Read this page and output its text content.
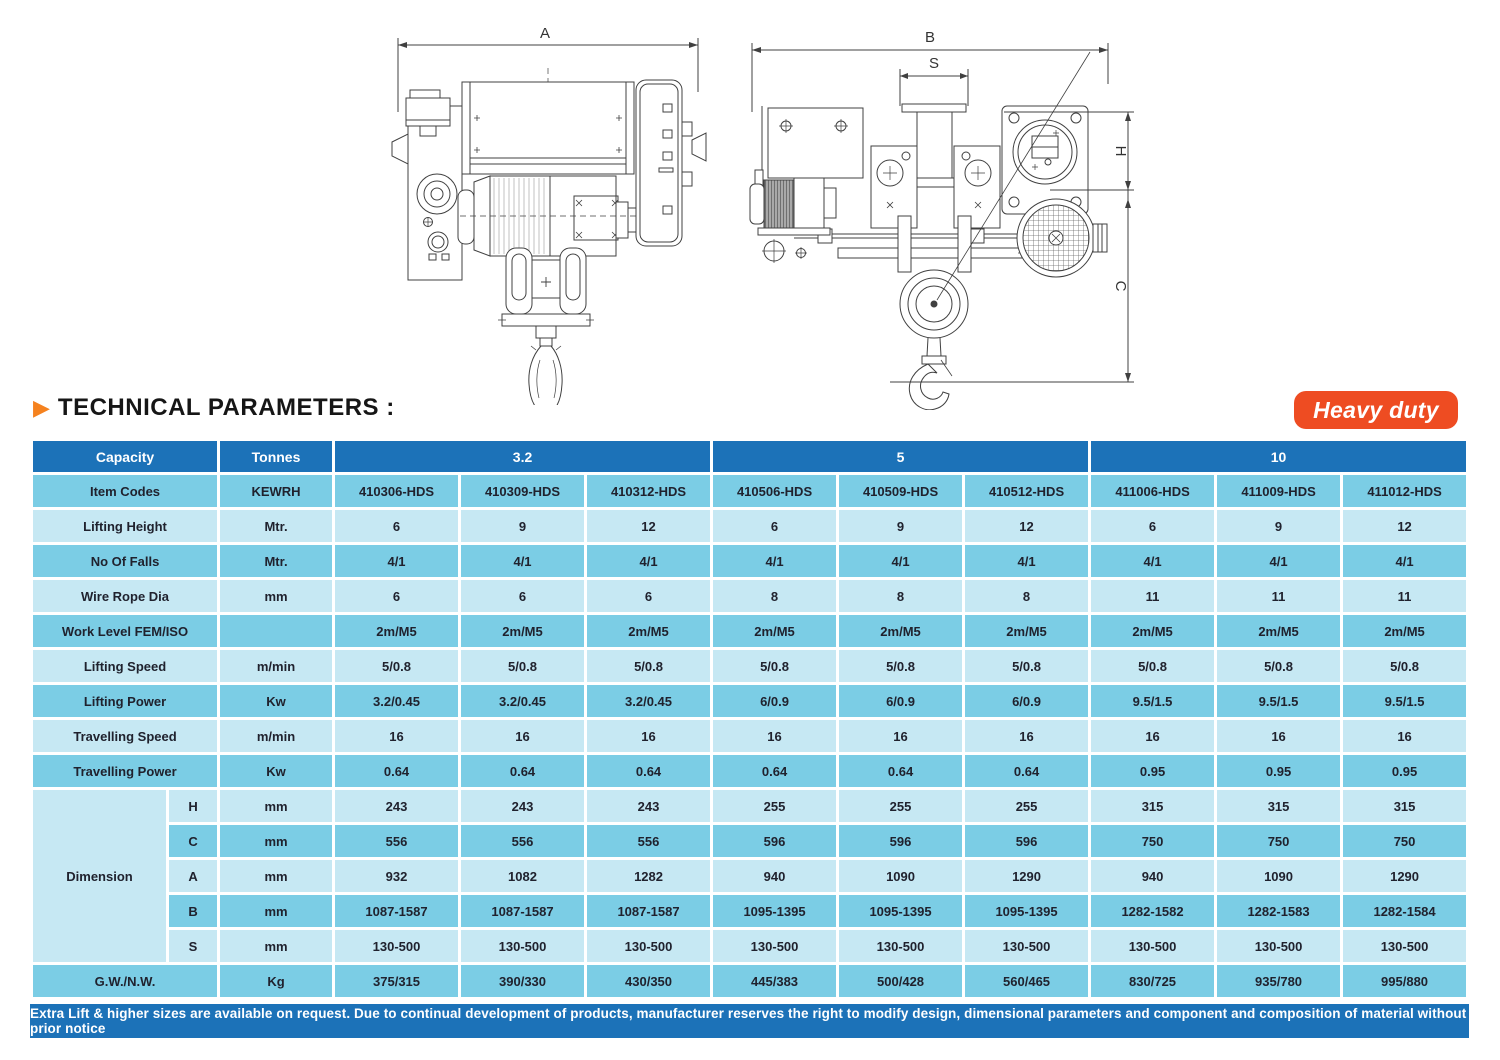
A	B
S
H
C
▶ TECHNICAL PARAMETERS :	Heavy duty
Capacity		Tonnes	3.2			5			10		
Item Codes		KEWRH	410306-HDS	410309-HDS	410312-HDS	410506-HDS	410509-HDS	410512-HDS	411006-HDS	411009-HDS	411012-HDS
Lifting Height		Mtr.	6	9	12	6	9	12	6	9	12
No Of Falls		Mtr.	4/1	4/1	4/1	4/1	4/1	4/1	4/1	4/1	4/1
Wire Rope Dia		mm	6	6	6	8	8	8	11	11	11
Work Level FEM/ISO			2m/M5	2m/M5	2m/M5	2m/M5	2m/M5	2m/M5	2m/M5	2m/M5	2m/M5
Lifting Speed		m/min	5/0.8	5/0.8	5/0.8	5/0.8	5/0.8	5/0.8	5/0.8	5/0.8	5/0.8
Lifting Power		Kw	3.2/0.45	3.2/0.45	3.2/0.45	6/0.9	6/0.9	6/0.9	9.5/1.5	9.5/1.5	9.5/1.5
Travelling Speed		m/min	16	16	16	16	16	16	16	16	16
Travelling Power		Kw	0.64	0.64	0.64	0.64	0.64	0.64	0.95	0.95	0.95
Dimension	H	mm	243	243	243	255	255	255	315	315	315
	C	mm	556	556	556	596	596	596	750	750	750
	A	mm	932	1082	1282	940	1090	1290	940	1090	1290
	B	mm	1087-1587	1087-1587	1087-1587	1095-1395	1095-1395	1095-1395	1282-1582	1282-1583	1282-1584
	S	mm	130-500	130-500	130-500	130-500	130-500	130-500	130-500	130-500	130-500
G.W./N.W.		Kg	375/315	390/330	430/350	445/383	500/428	560/465	830/725	935/780	995/880
Extra Lift & higher sizes are available on request. Due to continual development of products, manufacturer reserves the right to modify design, dimensional parameters and component and composition of material without prior notice
